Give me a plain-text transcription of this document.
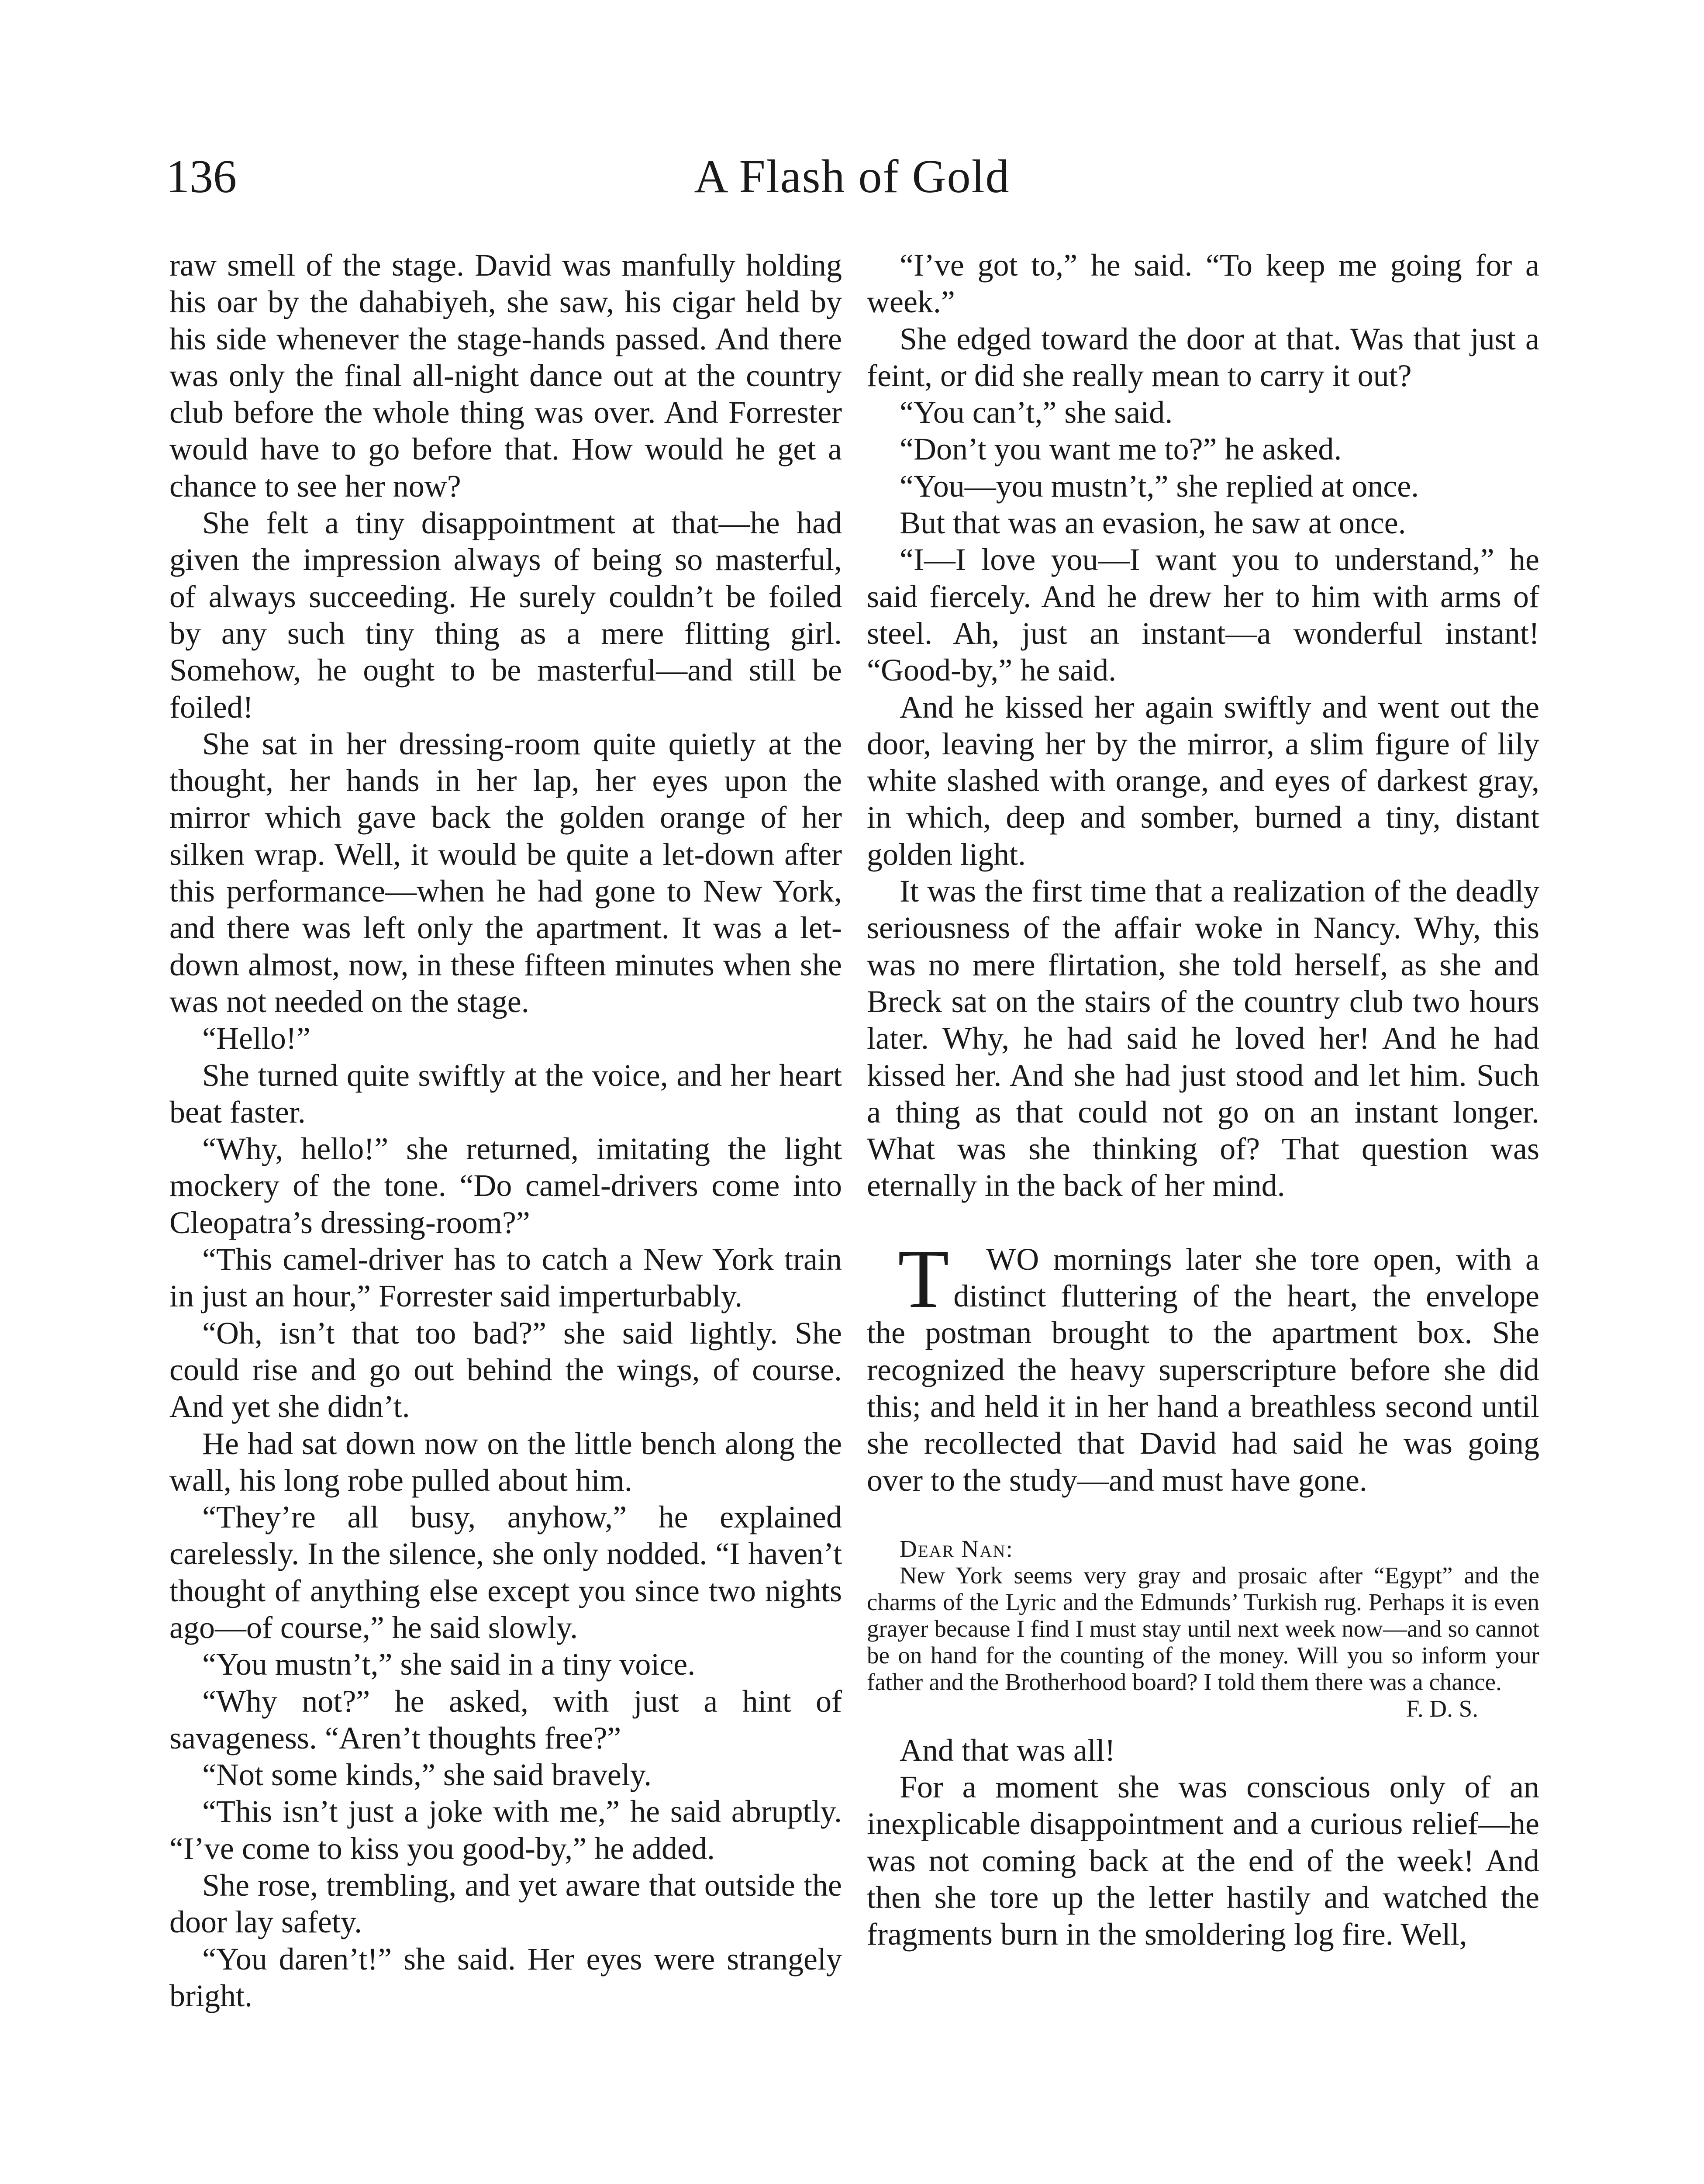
136	A Flash of Gold

raw smell of the stage. David was manfully holding his oar by the dahabiyeh, she saw, his cigar held by his side whenever the stage-hands passed. And there was only the final all-night dance out at the country club before the whole thing was over. And Forrester would have to go before that. How would he get a chance to see her now?

She felt a tiny disappointment at that—he had given the impression always of being so masterful, of always succeeding. He surely couldn’t be foiled by any such tiny thing as a mere flitting girl. Somehow, he ought to be masterful—and still be foiled!

She sat in her dressing-room quite quietly at the thought, her hands in her lap, her eyes upon the mirror which gave back the golden orange of her silken wrap. Well, it would be quite a let-down after this performance—when he had gone to New York, and there was left only the apartment. It was a let-down almost, now, in these fifteen minutes when she was not needed on the stage.

“Hello!”

She turned quite swiftly at the voice, and her heart beat faster.

“Why, hello!” she returned, imitating the light mockery of the tone. “Do camel-drivers come into Cleopatra’s dressing-room?”

“This camel-driver has to catch a New York train in just an hour,” Forrester said imperturbably.

“Oh, isn’t that too bad?” she said lightly. She could rise and go out behind the wings, of course. And yet she didn’t.

He had sat down now on the little bench along the wall, his long robe pulled about him.

“They’re all busy, anyhow,” he explained carelessly. In the silence, she only nodded. “I haven’t thought of anything else except you since two nights ago—of course,” he said slowly.

“You mustn’t,” she said in a tiny voice.

“Why not?” he asked, with just a hint of savageness. “Aren’t thoughts free?”

“Not some kinds,” she said bravely.

“This isn’t just a joke with me,” he said abruptly. “I’ve come to kiss you good-by,” he added.

She rose, trembling, and yet aware that outside the door lay safety.

“You daren’t!” she said. Her eyes were strangely bright.

“I’ve got to,” he said. “To keep me going for a week.”

She edged toward the door at that. Was that just a feint, or did she really mean to carry it out?

“You can’t,” she said.

“Don’t you want me to?” he asked.

“You—you mustn’t,” she replied at once.

But that was an evasion, he saw at once.

“I—I love you—I want you to understand,” he said fiercely. And he drew her to him with arms of steel. Ah, just an instant—a wonderful instant! “Good-by,” he said.

And he kissed her again swiftly and went out the door, leaving her by the mirror, a slim figure of lily white slashed with orange, and eyes of darkest gray, in which, deep and somber, burned a tiny, distant golden light.

It was the first time that a realization of the deadly seriousness of the affair woke in Nancy. Why, this was no mere flirtation, she told herself, as she and Breck sat on the stairs of the country club two hours later. Why, he had said he loved her! And he had kissed her. And she had just stood and let him. Such a thing as that could not go on an instant longer. What was she thinking of? That question was eternally in the back of her mind.

T WO mornings later she tore open, with a distinct fluttering of the heart, the envelope the postman brought to the apartment box. She recognized the heavy superscripture before she did this; and held it in her hand a breathless second until she recollected that David had said he was going over to the study—and must have gone.

Dear Nan:

New York seems very gray and prosaic after “Egypt” and the charms of the Lyric and the Edmunds’ Turkish rug. Perhaps it is even grayer because I find I must stay until next week now—and so cannot be on hand for the counting of the money. Will you so inform your father and the Brotherhood board? I told them there was a chance.
F. D. S.

And that was all!

For a moment she was conscious only of an inexplicable disappointment and a curious relief—he was not coming back at the end of the week! And then she tore up the letter hastily and watched the fragments burn in the smoldering log fire. Well,
